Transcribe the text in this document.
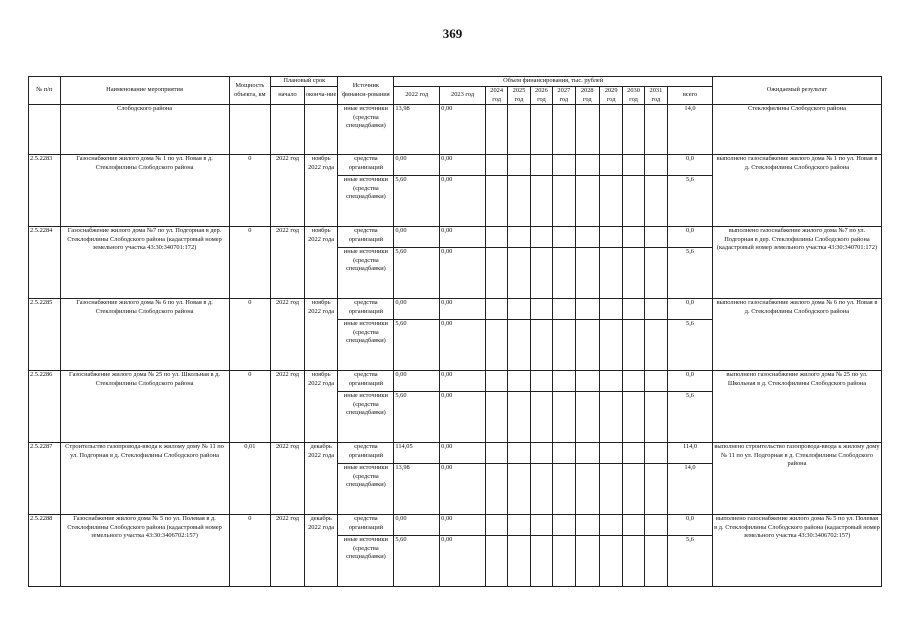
369
№ п/п	Наименование мероприятия	Мощность объекта, км	Плановый срок		Источник финанси-рования	Объем финансирования, тыс. рублей											Ожидаемый результат
			начало	оконча-ние		2022 год	2023 год	2024 год	2025 год	2026 год	2027 год	2028 год	2029 год	2030 год	2031 год	всего	

	Слободского района				иные источники (средства спецнадбавки)	13,98	0,00									14,0	Стеклофилины Слободского района
2.5.2283	Газоснабжение жилого дома № 1 по ул. Новая в д. Стеклофилины Слободского района	0	2022 год	ноябрь 2022 года	средства организаций	0,00	0,00									0,0	выполнено газоснабжение жилого дома № 1 по ул. Новая в д. Стеклофилины Слободского района
					иные источники (средства спецнадбавки)	5,60	0,00									5,6	
2.5.2284	Газоснабжение жилого дома №7 по ул. Подгорная в дер. Стеклофилины Слободского района (кадастровый номер земельного участка 43:30:340701:172)	0	2022 год	ноябрь 2022 года	средства организаций	0,00	0,00									0,0	выполнено газоснабжение жилого дома №7 по ул. Подгорная в дер. Стеклофилины Слободского района (кадастровый номер земельного участка 43:30:340701:172)
					иные источники (средства спецнадбавки)	5,60	0,00									5,6	
2.5.2285	Газоснабжение жилого дома № 6 по ул. Новая в д. Стеклофилины Слободского района	0	2022 год	ноябрь 2022 года	средства организаций	0,00	0,00									0,0	выполнено газоснабжение жилого дома № 6 по ул. Новая в д. Стеклофилины Слободского района
					иные источники (средства спецнадбавки)	5,60	0,00									5,6	
2.5.2286	Газоснабжение жилого дома № 25 по ул. Школьная в д. Стеклофилины Слободского района	0	2022 год	ноябрь 2022 года	средства организаций	0,00	0,00									0,0	выполнено газоснабжение жилого дома № 25 по ул. Школьная в д. Стеклофилины Слободского района
					иные источники (средства спецнадбавки)	5,60	0,00									5,6	
2.5.2287	Строительство газопровода-ввода к жилому дому № 11 по ул. Подгорная в д. Стеклофилины Слободского района	0,01	2022 год	декабрь 2022 года	средства организаций	114,05	0,00									114,0	выполнено строительство газопровода-ввода к жилому дому № 11 по ул. Подгорная в д. Стеклофилины Слободского района
					иные источники (средства спецнадбавки)	13,98	0,00									14,0	
2.5.2288	Газоснабжение жилого дома № 5 по ул. Полевая в д. Стеклофилины Слободского района (кадастровый номер земельного участка 43:30:3406702:157)	0	2022 год	декабрь 2022 года	средства организаций	0,00	0,00									0,0	выполнено газоснабжение жилого дома № 5 по ул. Полевая в д. Стеклофилины Слободского района (кадастровый номер земельного участка 43:30:3406702:157)
					иные источники (средства спецнадбавки)	5,60	0,00									5,6	
